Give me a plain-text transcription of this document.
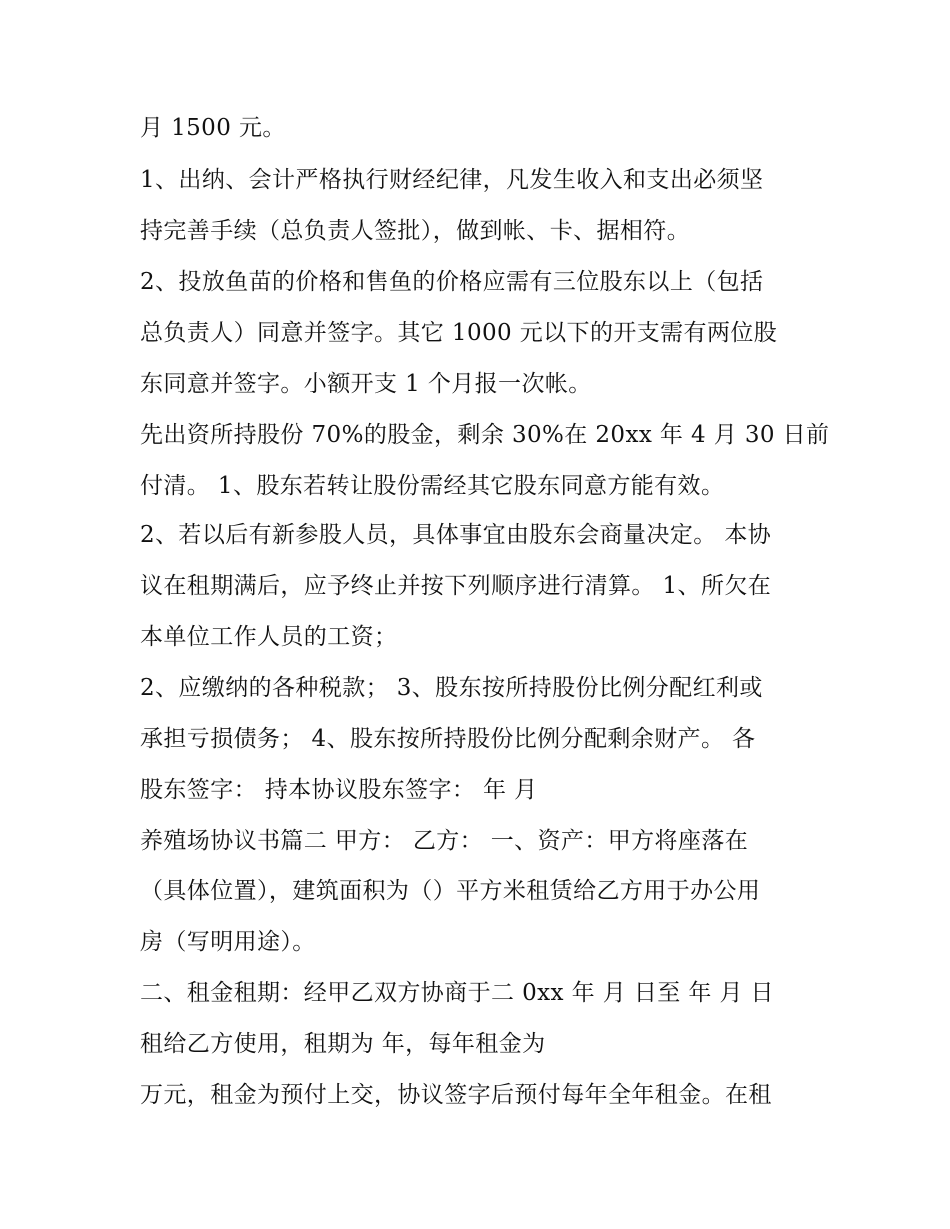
月 1500 元。
1、出纳、会计严格执行财经纪律，凡发生收入和支出必须坚
持完善手续（总负责人签批），做到帐、卡、据相符。
2、投放鱼苗的价格和售鱼的价格应需有三位股东以上（包括
总负责人）同意并签字。其它 1000 元以下的开支需有两位股
东同意并签字。小额开支 1 个月报一次帐。
先出资所持股份 70%的股金，剩余 30%在 20xx 年 4 月 30 日前
付清。 1、股东若转让股份需经其它股东同意方能有效。
2、若以后有新参股人员，具体事宜由股东会商量决定。 本协
议在租期满后，应予终止并按下列顺序进行清算。 1、所欠在
本单位工作人员的工资；
2、应缴纳的各种税款； 3、股东按所持股份比例分配红利或
承担亏损债务； 4、股东按所持股份比例分配剩余财产。 各
股东签字： 持本协议股东签字： 年 月
养殖场协议书篇二 甲方： 乙方： 一、资产：甲方将座落在
（具体位置），建筑面积为（）平方米租赁给乙方用于办公用
房（写明用途）。
二、租金租期：经甲乙双方协商于二 0xx 年 月 日至 年 月 日
租给乙方使用，租期为 年，每年租金为
万元，租金为预付上交，协议签字后预付每年全年租金。在租
